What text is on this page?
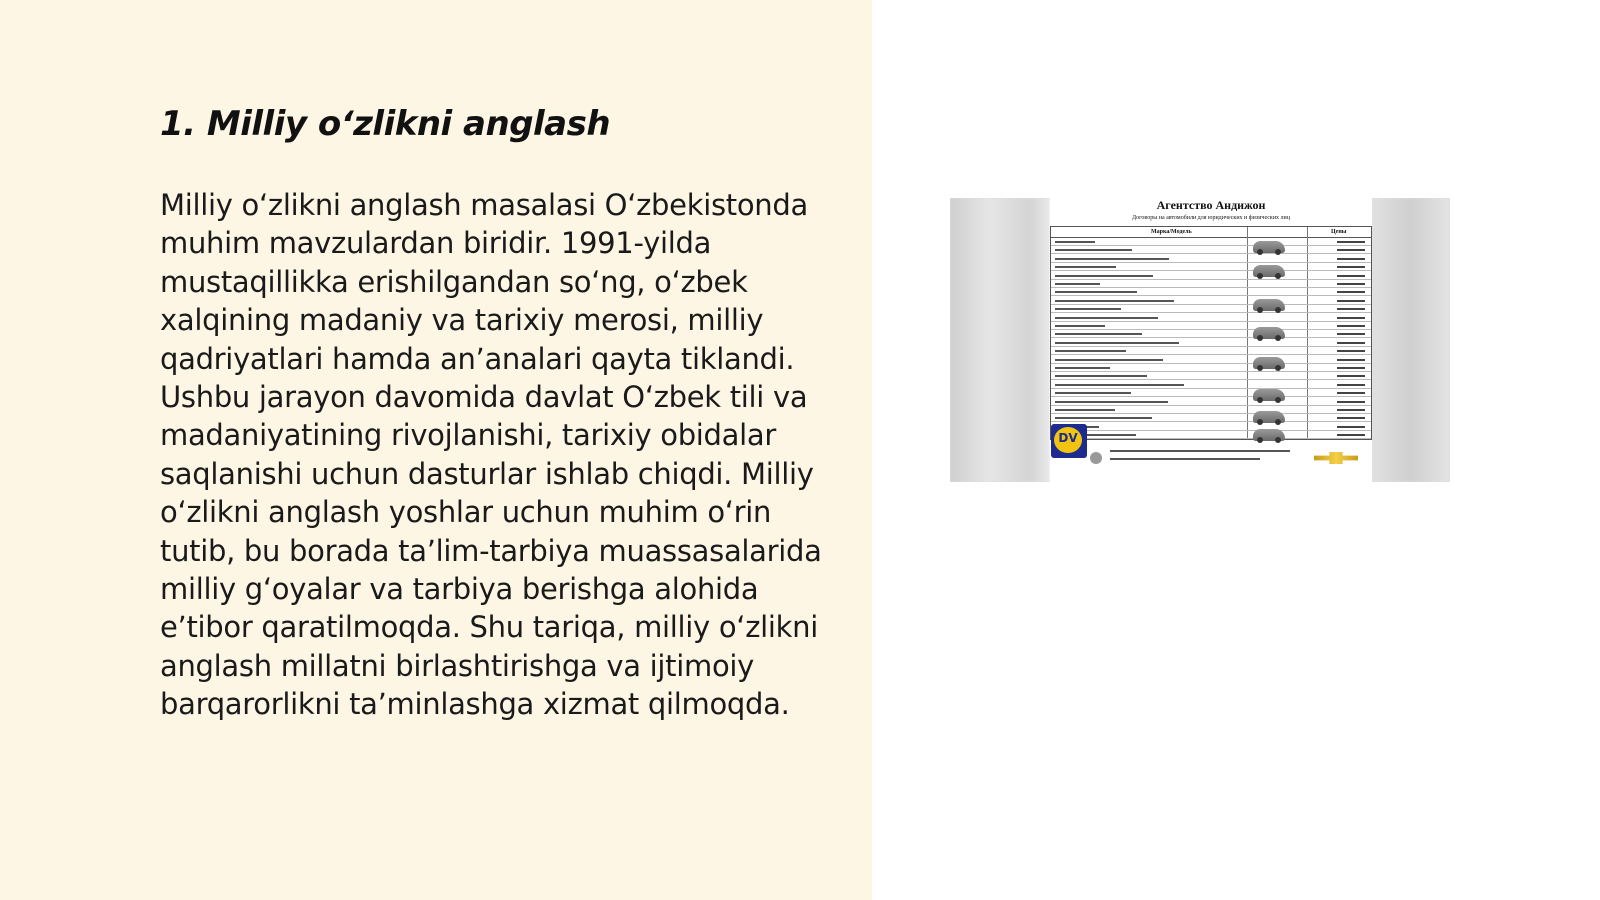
1. Milliy o‘zlikni anglash

Milliy o‘zlikni anglash masalasi O‘zbekistonda muhim mavzulardan biridir. 1991-yilda mustaqillikka erishilgandan so‘ng, o‘zbek xalqining madaniy va tarixiy merosi, milliy qadriyatlari hamda an’analari qayta tiklandi. Ushbu jarayon davomida davlat O‘zbek tili va madaniyatining rivojlanishi, tarixiy obidalar saqlanishi uchun dasturlar ishlab chiqdi. Milliy o‘zlikni anglash yoshlar uchun muhim o‘rin tutib, bu borada ta’lim-tarbiya muassasalarida milliy g‘oyalar va tarbiya berishga alohida e’tibor qaratilmoqda. Shu tariqa, milliy o‘zlikni anglash millatni birlashtirishga va ijtimoiy barqarorlikni ta’minlashga xizmat qilmoqda.

Агентство Андижон
Договоры на автомобили для юридических и физических лиц
Марка/Модель	Цены
DV
